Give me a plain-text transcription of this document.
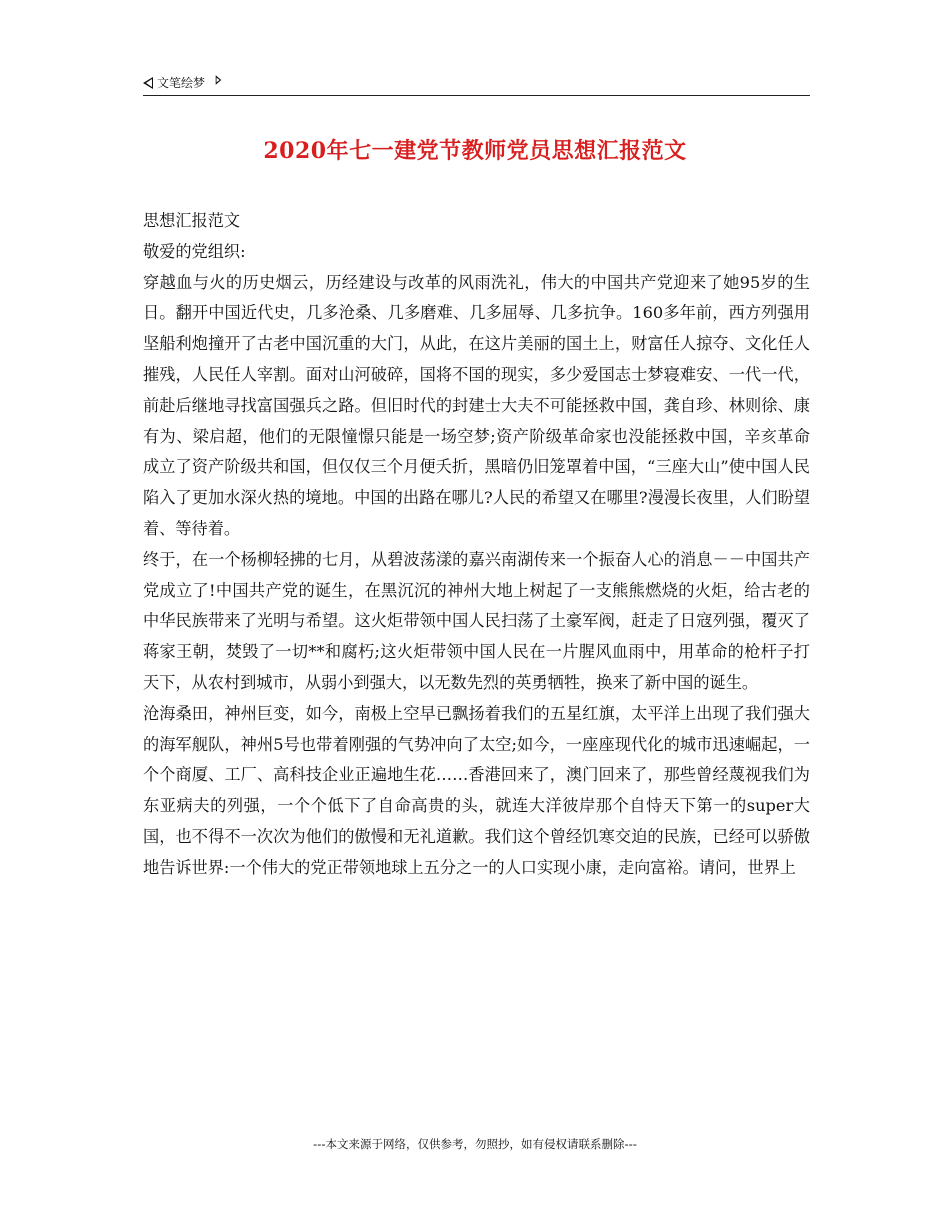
文笔绘梦
2020年七一建党节教师党员思想汇报范文

思想汇报范文

敬爱的党组织:

穿越血与火的历史烟云，历经建设与改革的风雨洗礼，伟大的中国共产党迎来了她95岁的生日。翻开中国近代史，几多沧桑、几多磨难、几多屈辱、几多抗争。160多年前，西方列强用坚船利炮撞开了古老中国沉重的大门，从此，在这片美丽的国土上，财富任人掠夺、文化任人摧残，人民任人宰割。面对山河破碎，国将不国的现实，多少爱国志士梦寝难安、一代一代，前赴后继地寻找富国强兵之路。但旧时代的封建士大夫不可能拯救中国，龚自珍、林则徐、康有为、梁启超，他们的无限憧憬只能是一场空梦;资产阶级革命家也没能拯救中国，辛亥革命成立了资产阶级共和国，但仅仅三个月便夭折，黑暗仍旧笼罩着中国，“三座大山”使中国人民陷入了更加水深火热的境地。中国的出路在哪儿?人民的希望又在哪里?漫漫长夜里，人们盼望着、等待着。

终于，在一个杨柳轻拂的七月，从碧波荡漾的嘉兴南湖传来一个振奋人心的消息－－中国共产党成立了!中国共产党的诞生，在黑沉沉的神州大地上树起了一支熊熊燃烧的火炬，给古老的中华民族带来了光明与希望。这火炬带领中国人民扫荡了土豪军阀，赶走了日寇列强，覆灭了蒋家王朝，焚毁了一切**和腐朽;这火炬带领中国人民在一片腥风血雨中，用革命的枪杆子打天下，从农村到城市，从弱小到强大，以无数先烈的英勇牺牲，换来了新中国的诞生。

沧海桑田，神州巨变，如今，南极上空早已飘扬着我们的五星红旗，太平洋上出现了我们强大的海军舰队，神州5号也带着刚强的气势冲向了太空;如今，一座座现代化的城市迅速崛起，一个个商厦、工厂、高科技企业正遍地生花……香港回来了，澳门回来了，那些曾经蔑视我们为东亚病夫的列强，一个个低下了自命高贵的头，就连大洋彼岸那个自恃天下第一的super大国，也不得不一次次为他们的傲慢和无礼道歉。我们这个曾经饥寒交迫的民族，已经可以骄傲地告诉世界:一个伟大的党正带领地球上五分之一的人口实现小康，走向富裕。请问，世界上

---本文来源于网络，仅供参考，勿照抄，如有侵权请联系删除---
